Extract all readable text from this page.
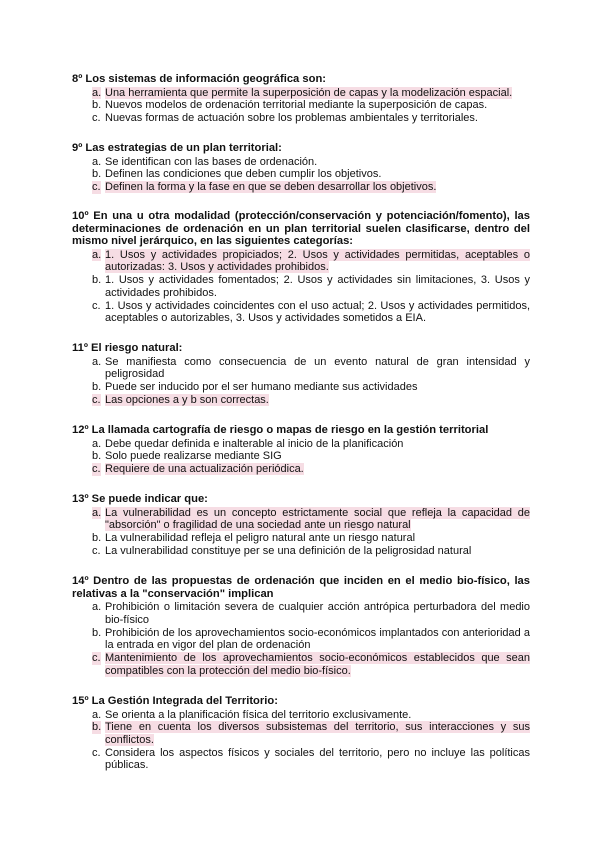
8º Los sistemas de información geográfica son:
a. Una herramienta que permite la superposición de capas y la modelización espacial.
b. Nuevos modelos de ordenación territorial mediante la superposición de capas.
c. Nuevas formas de actuación sobre los problemas ambientales y territoriales.
9º Las estrategias de un plan territorial:
a. Se identifican con las bases de ordenación.
b. Definen las condiciones que deben cumplir los objetivos.
c. Definen la forma y la fase en que se deben desarrollar los objetivos.
10º En una u otra modalidad (protección/conservación y potenciación/fomento), las determinaciones de ordenación en un plan territorial suelen clasificarse, dentro del mismo nivel jerárquico, en las siguientes categorías:
a. 1. Usos y actividades propiciados; 2. Usos y actividades permitidas, aceptables o autorizadas: 3. Usos y actividades prohibidos.
b. 1. Usos y actividades fomentados; 2. Usos y actividades sin limitaciones, 3. Usos y actividades prohibidos.
c. 1. Usos y actividades coincidentes con el uso actual; 2. Usos y actividades permitidos, aceptables o autorizables, 3. Usos y actividades sometidos a EIA.
11º El riesgo natural:
a. Se manifiesta como consecuencia de un evento natural de gran intensidad y peligrosidad
b. Puede ser inducido por el ser humano mediante sus actividades
c. Las opciones a y b son correctas.
12º La llamada cartografía de riesgo o mapas de riesgo en la gestión territorial
a. Debe quedar definida e inalterable al inicio de la planificación
b. Solo puede realizarse mediante SIG
c. Requiere de una actualización periódica.
13º Se puede indicar que:
a. La vulnerabilidad es un concepto estrictamente social que refleja la capacidad de "absorción" o fragilidad de una sociedad ante un riesgo natural
b. La vulnerabilidad refleja el peligro natural ante un riesgo natural
c. La vulnerabilidad constituye per se una definición de la peligrosidad natural
14º Dentro de las propuestas de ordenación que inciden en el medio bio-físico, las relativas a la "conservación" implican
a. Prohibición o limitación severa de cualquier acción antrópica perturbadora del medio bio-físico
b. Prohibición de los aprovechamientos socio-económicos implantados con anterioridad a la entrada en vigor del plan de ordenación
c. Mantenimiento de los aprovechamientos socio-económicos establecidos que sean compatibles con la protección del medio bio-físico.
15º La Gestión Integrada del Territorio:
a. Se orienta a la planificación física del territorio exclusivamente.
b. Tiene en cuenta los diversos subsistemas del territorio, sus interacciones y sus conflictos.
c. Considera los aspectos físicos y sociales del territorio, pero no incluye las políticas públicas.
